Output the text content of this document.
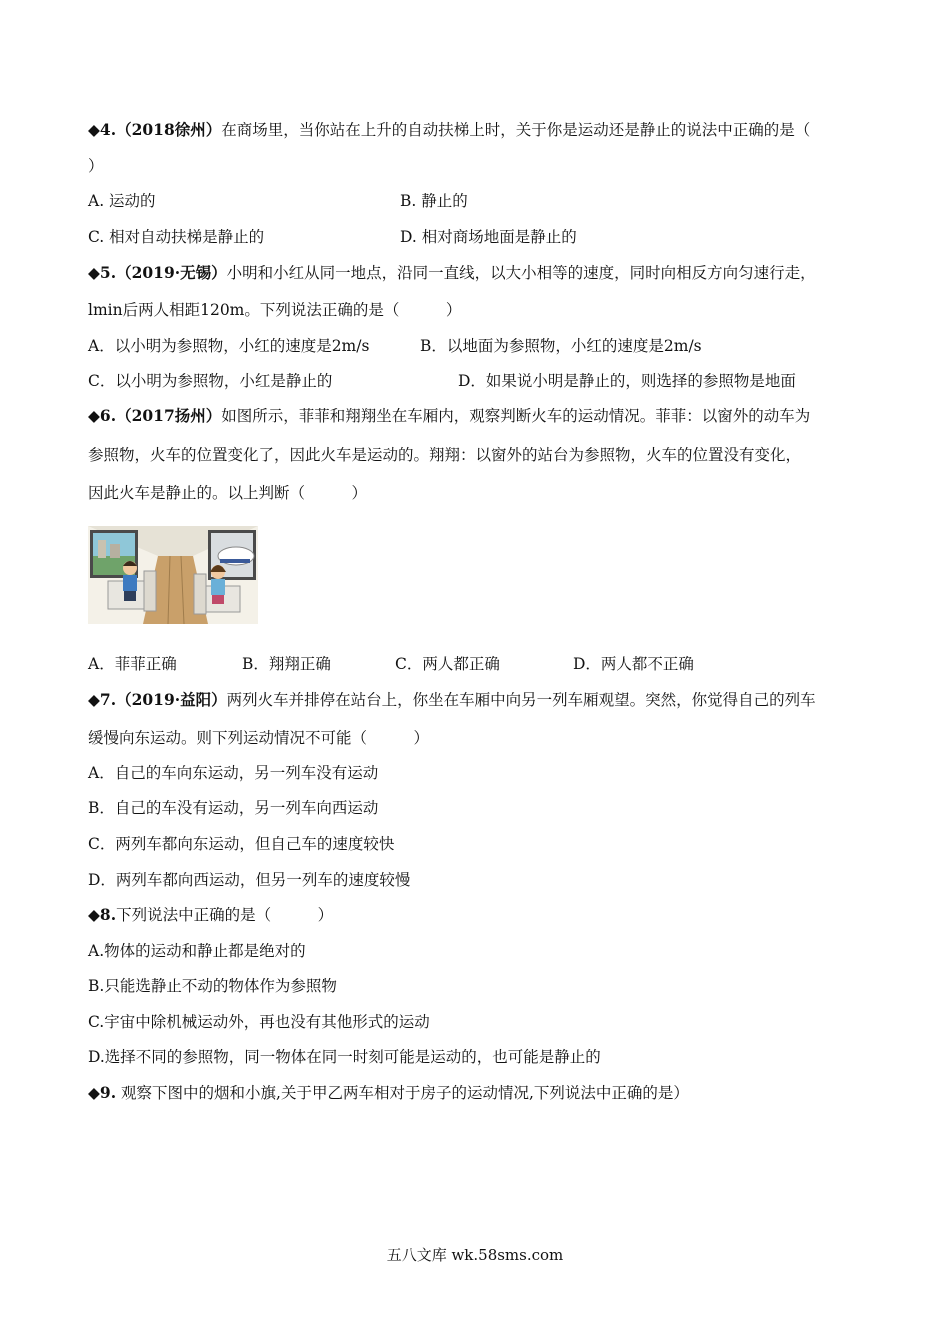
◆4.（2018徐州）在商场里，当你站在上升的自动扶梯上时，关于你是运动还是静止的说法中正确的是（
）
A. 运动的	B. 静止的
C. 相对自动扶梯是静止的	D. 相对商场地面是静止的
◆5.（2019·无锡）小明和小红从同一地点，沿同一直线，以大小相等的速度，同时向相反方向匀速行走，
lmin后两人相距120m。下列说法正确的是（　　　）
A．以小明为参照物，小红的速度是2m/s	B．以地面为参照物，小红的速度是2m/s
C．以小明为参照物，小红是静止的	D．如果说小明是静止的，则选择的参照物是地面
◆6.（2017扬州）如图所示，菲菲和翔翔坐在车厢内，观察判断火车的运动情况。菲菲：以窗外的动车为
参照物，火车的位置变化了，因此火车是运动的。翔翔：以窗外的站台为参照物，火车的位置没有变化，
因此火车是静止的。以上判断（　　　）
A．菲菲正确	B．翔翔正确	C．两人都正确	D．两人都不正确
◆7.（2019·益阳）两列火车并排停在站台上，你坐在车厢中向另一列车厢观望。突然，你觉得自己的列车
缓慢向东运动。则下列运动情况不可能（　　　）
A．自己的车向东运动，另一列车没有运动
B．自己的车没有运动，另一列车向西运动
C．两列车都向东运动，但自己车的速度较快
D．两列车都向西运动，但另一列车的速度较慢
◆8.下列说法中正确的是（　　　）
A.物体的运动和静止都是绝对的
B.只能选静止不动的物体作为参照物
C.宇宙中除机械运动外，再也没有其他形式的运动
D.选择不同的参照物，同一物体在同一时刻可能是运动的，也可能是静止的
◆9. 观察下图中的烟和小旗,关于甲乙两车相对于房子的运动情况,下列说法中正确的是）
五八文库 wk.58sms.com
